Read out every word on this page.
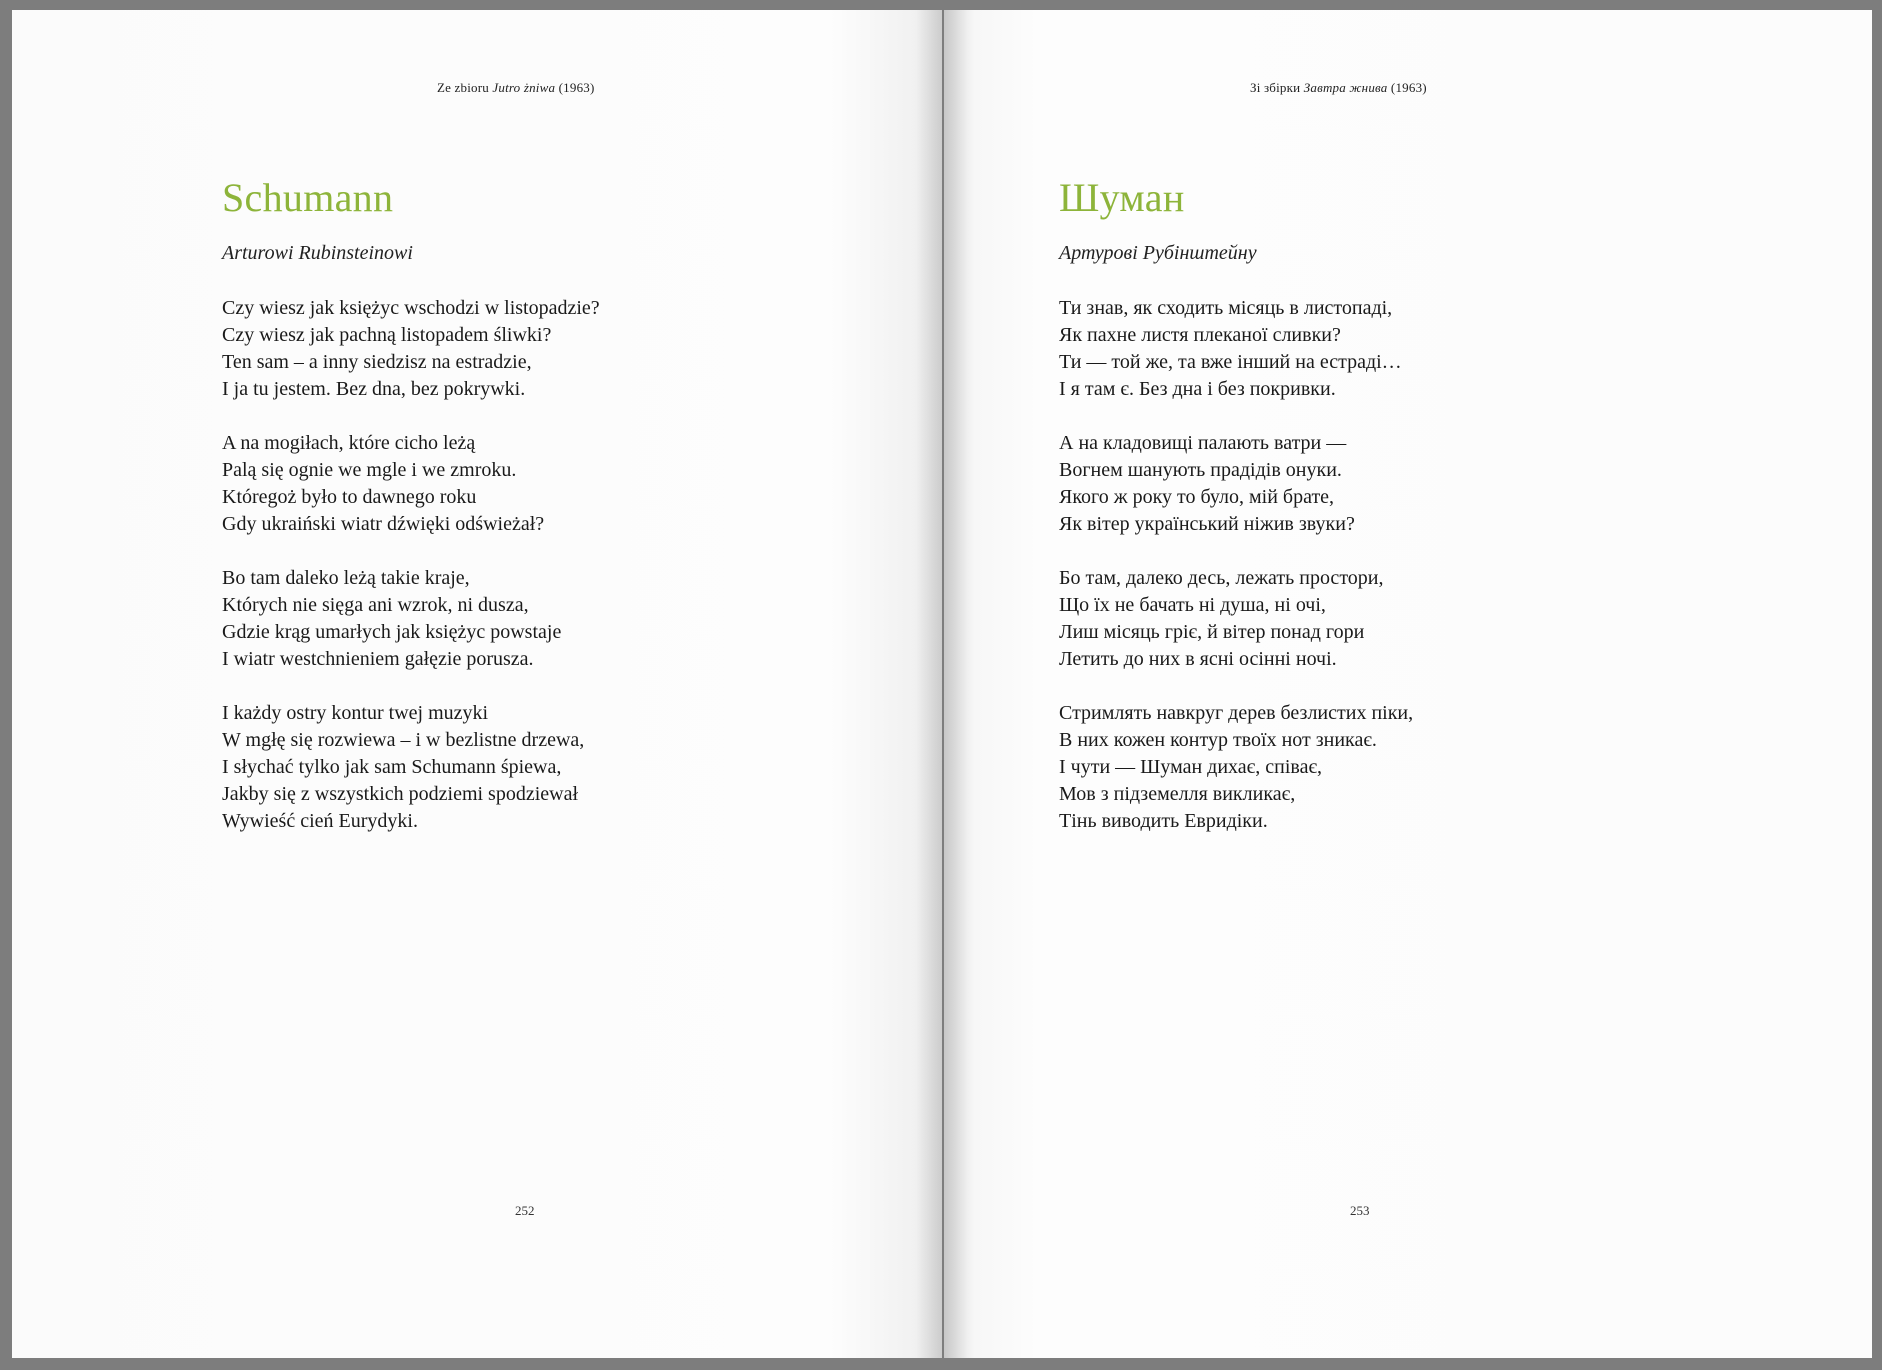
Ze zbioru Jutro żniwa (1963)
Schumann
Arturowi Rubinsteinowi

Czy wiesz jak księżyc wschodzi w listopadzie?
Czy wiesz jak pachną listopadem śliwki?
Ten sam – a inny siedzisz na estradzie,
I ja tu jestem. Bez dna, bez pokrywki.

A na mogiłach, które cicho leżą
Palą się ognie we mgle i we zmroku.
Któregoż było to dawnego roku
Gdy ukraiński wiatr dźwięki odświeżał?

Bo tam daleko leżą takie kraje,
Których nie sięga ani wzrok, ni dusza,
Gdzie krąg umarłych jak księżyc powstaje
I wiatr westchnieniem gałęzie porusza.

I każdy ostry kontur twej muzyki
W mgłę się rozwiewa – i w bezlistne drzewa,
I słychać tylko jak sam Schumann śpiewa,
Jakby się z wszystkich podziemi spodziewał
Wywieść cień Eurydyki.

252
Зі збірки Завтра жнива (1963)
Шуман
Артурові Рубінштейну

Ти знав, як сходить місяць в листопаді,
Як пахне листя плеканої сливки?
Ти — той же, та вже інший на естраді…
І я там є. Без дна і без покривки.

А на кладовищі палають ватри —
Вогнем шанують прадідів онуки.
Якого ж року то було, мій брате,
Як вітер український ніжив звуки?

Бо там, далеко десь, лежать простори,
Що їх не бачать ні душа, ні очі,
Лиш місяць гріє, й вітер понад гори
Летить до них в ясні осінні ночі.

Стримлять навкруг дерев безлистих піки,
В них кожен контур твоїх нот зникає.
І чути — Шуман дихає, співає,
Мов з підземелля викликає,
Тінь виводить Евридіки.

253
